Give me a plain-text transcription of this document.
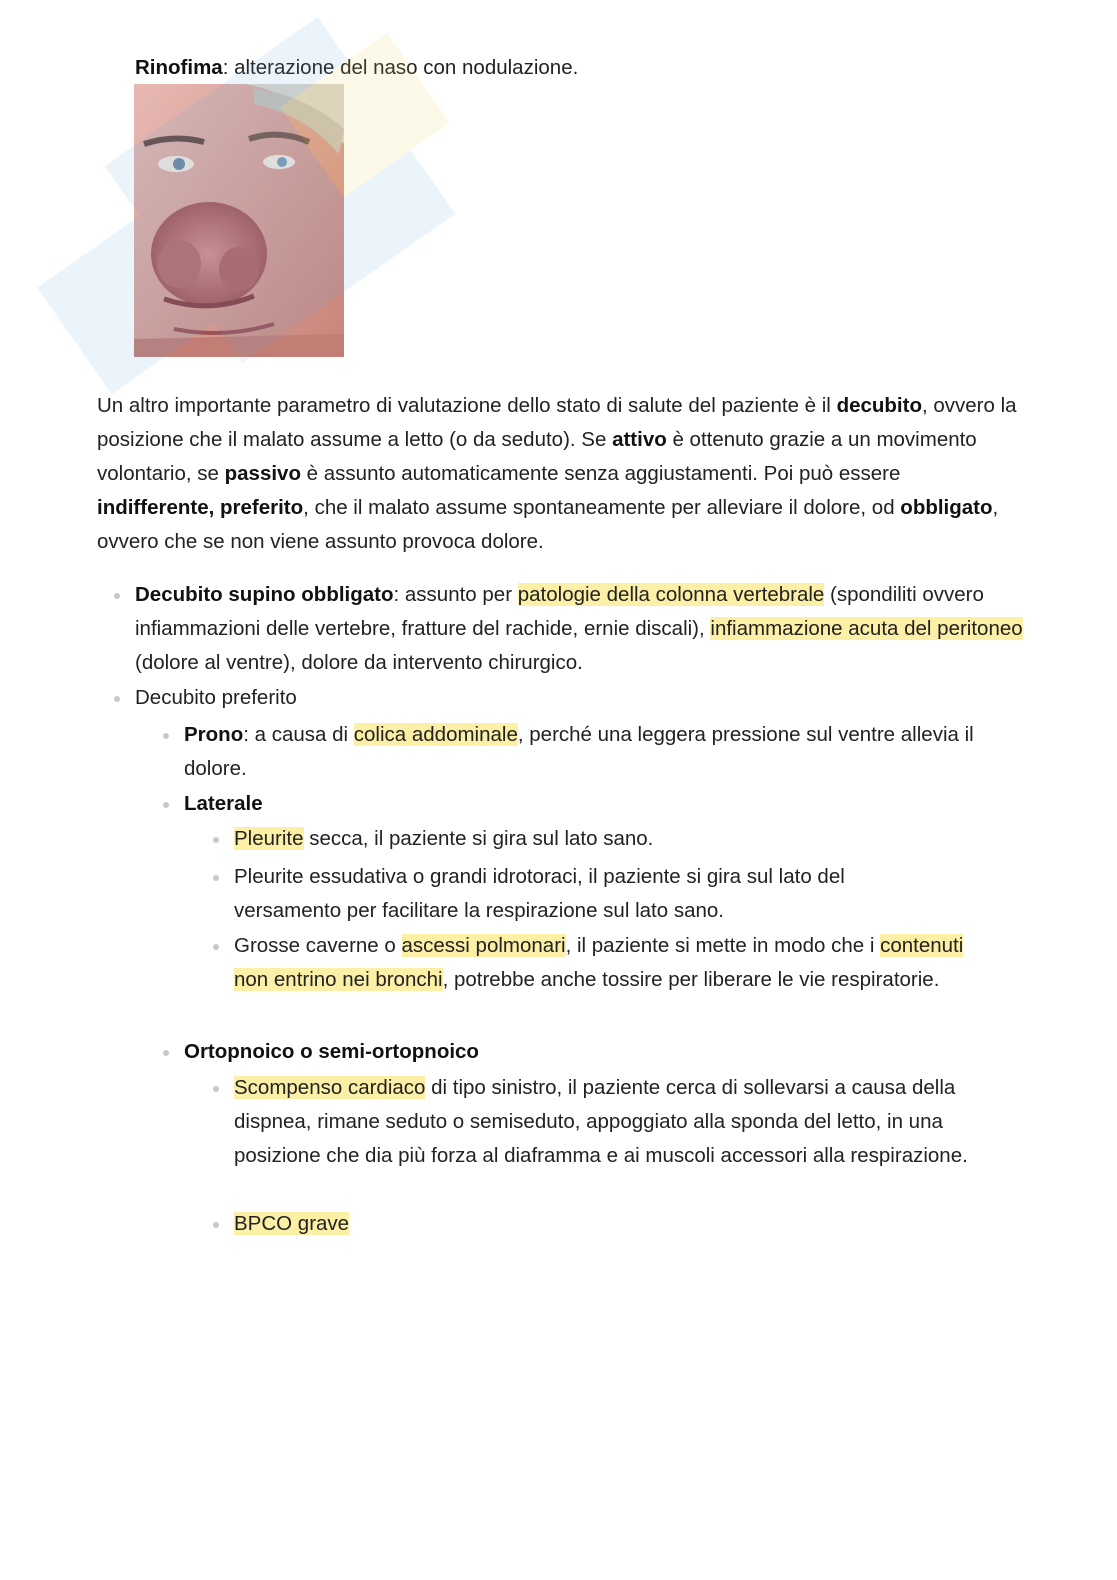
Rinofima: alterazione del naso con nodulazione.
Un altro importante parametro di valutazione dello stato di salute del paziente è il decubito, ovvero la posizione che il malato assume a letto (o da seduto). Se attivo è ottenuto grazie a un movimento volontario, se passivo è assunto automaticamente senza aggiustamenti. Poi può essere indifferente, preferito, che il malato assume spontaneamente per alleviare il dolore, od obbligato, ovvero che se non viene assunto provoca dolore.
Decubito supino obbligato: assunto per patologie della colonna vertebrale (spondiliti ovvero infiammazioni delle vertebre, fratture del rachide, ernie discali), infiammazione acuta del peritoneo (dolore al ventre), dolore da intervento chirurgico.
Decubito preferito
Prono: a causa di colica addominale, perché una leggera pressione sul ventre allevia il dolore.
Laterale
Pleurite secca, il paziente si gira sul lato sano.
Pleurite essudativa o grandi idrotoraci, il paziente si gira sul lato del versamento per facilitare la respirazione sul lato sano.
Grosse caverne o ascessi polmonari, il paziente si mette in modo che i contenuti non entrino nei bronchi, potrebbe anche tossire per liberare le vie respiratorie.
Ortopnoico o semi-ortopnoico
Scompenso cardiaco di tipo sinistro, il paziente cerca di sollevarsi a causa della dispnea, rimane seduto o semiseduto, appoggiato alla sponda del letto, in una posizione che dia più forza al diaframma e ai muscoli accessori alla respirazione.
BPCO grave
